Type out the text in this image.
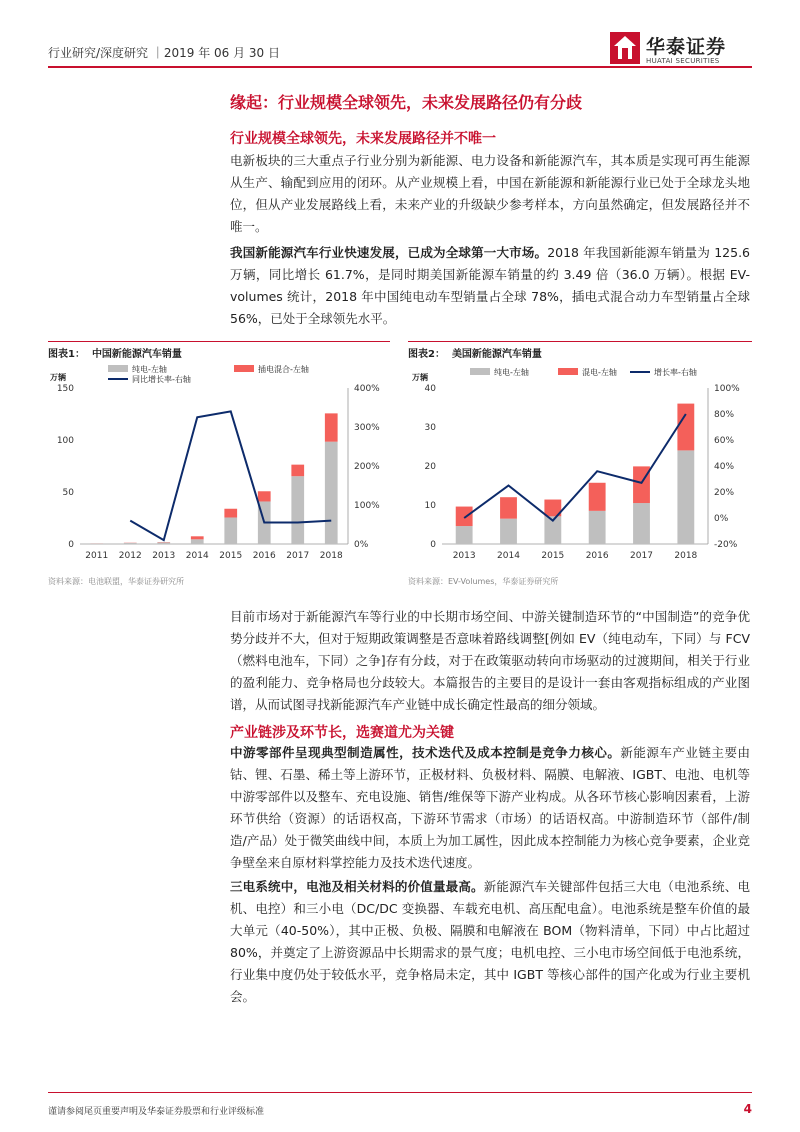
行业研究/深度研究 ｜2019 年 06 月 30 日	华泰证券
HUATAI SECURITIES
缘起：行业规模全球领先，未来发展路径仍有分歧
行业规模全球领先，未来发展路径并不唯一
电新板块的三大重点子行业分别为新能源、电力设备和新能源汽车，其本质是实现可再生能源从生产、输配到应用的闭环。从产业规模上看，中国在新能源和新能源行业已处于全球龙头地位，但从产业发展路线上看，未来产业的升级缺少参考样本，方向虽然确定，但发展路径并不唯一。
我国新能源汽车行业快速发展，已成为全球第一大市场。2018 年我国新能源车销量为 125.6 万辆，同比增长 61.7%，是同时期美国新能源车销量的约 3.49 倍（36.0 万辆）。根据 EV-volumes 统计，2018 年中国纯电动车型销量占全球 78%，插电式混合动力车型销量占全球 56%，已处于全球领先水平。
图表1： 中国新能源汽车销量
万辆
0
50
100
150
0%
100%
200%
300%
400%
2011 2012 2013 2014 2015 2016 2017 2018
纯电-左轴	插电混合-左轴
同比增长率-右轴
资料来源：电池联盟，华泰证券研究所
图表2： 美国新能源汽车销量
万辆
0
10
20
30
40
-20%
0%
20%
40%
60%
80%
100%
2013 2014 2015 2016 2017 2018
纯电-左轴	混电-左轴	增长率-右轴
资料来源：EV-Volumes，华泰证券研究所
目前市场对于新能源汽车等行业的中长期市场空间、中游关键制造环节的“中国制造”的竞争优势分歧并不大，但对于短期政策调整是否意味着路线调整[例如 EV（纯电动车，下同）与 FCV（燃料电池车，下同）之争]存有分歧，对于在政策驱动转向市场驱动的过渡期间，相关于行业的盈利能力、竞争格局也分歧较大。本篇报告的主要目的是设计一套由客观指标组成的产业图谱，从而试图寻找新能源汽车产业链中成长确定性最高的细分领域。
产业链涉及环节长，选赛道尤为关键
中游零部件呈现典型制造属性，技术迭代及成本控制是竞争力核心。新能源车产业链主要由钴、锂、石墨、稀土等上游环节，正极材料、负极材料、隔膜、电解液、IGBT、电池、电机等中游零部件以及整车、充电设施、销售/维保等下游产业构成。从各环节核心影响因素看，上游环节供给（资源）的话语权高，下游环节需求（市场）的话语权高。中游制造环节（部件/制造/产品）处于微笑曲线中间，本质上为加工属性，因此成本控制能力为核心竞争要素，企业竞争壁垒来自原材料掌控能力及技术迭代速度。
三电系统中，电池及相关材料的价值量最高。新能源汽车关键部件包括三大电（电池系统、电机、电控）和三小电（DC/DC 变换器、车载充电机、高压配电盒）。电池系统是整车价值的最大单元（40-50%），其中正极、负极、隔膜和电解液在 BOM（物料清单，下同）中占比超过 80%，并奠定了上游资源品中长期需求的景气度；电机电控、三小电市场空间低于电池系统，行业集中度仍处于较低水平，竞争格局未定，其中 IGBT 等核心部件的国产化或为行业主要机会。
谨请参阅尾页重要声明及华泰证券股票和行业评级标准	4
